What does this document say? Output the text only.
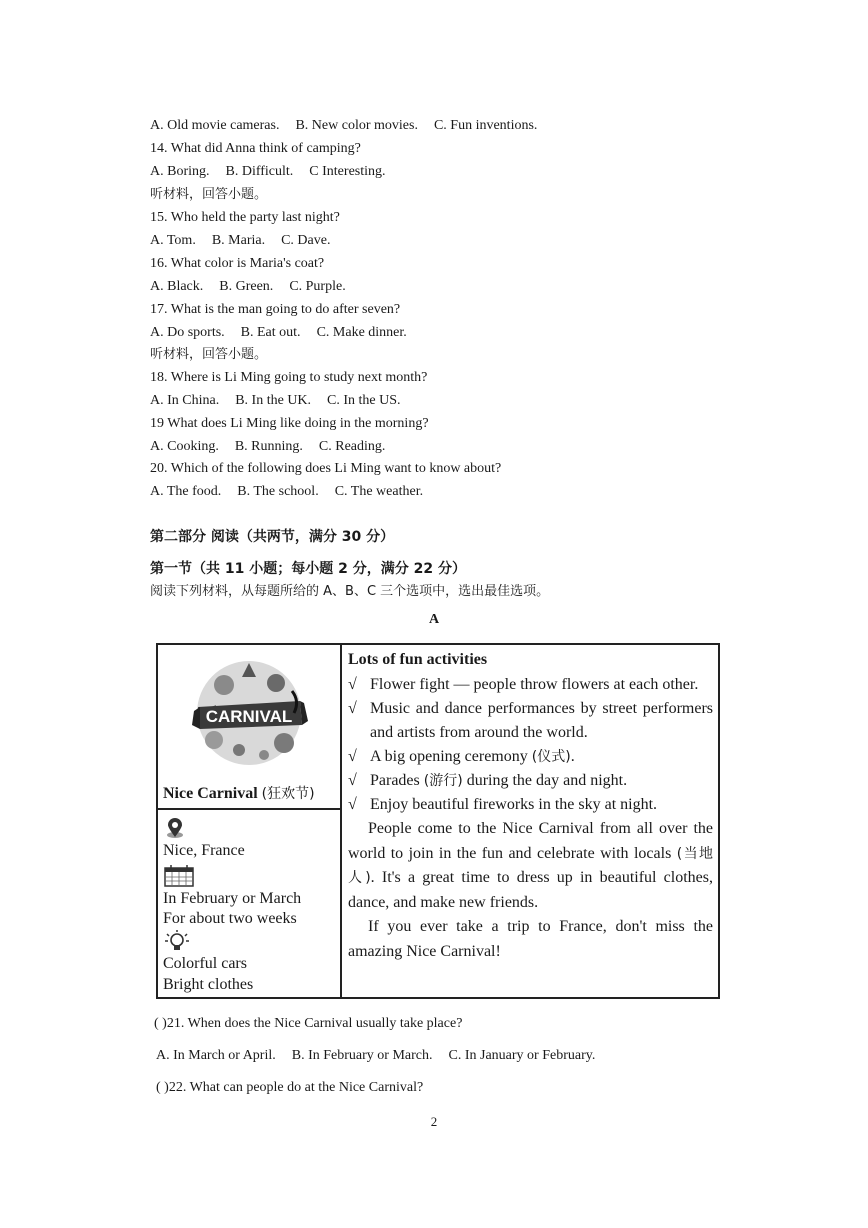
A. Old movie cameras. B. New color movies. C. Fun inventions.
14. What did Anna think of camping?
A. Boring. B. Difficult. C Interesting.
听材料，回答小题。
15. Who held the party last night?
A. Tom. B. Maria. C. Dave.
16. What color is Maria's coat?
A. Black. B. Green. C. Purple.
17. What is the man going to do after seven?
A. Do sports. B. Eat out. C. Make dinner.
听材料，回答小题。
18. Where is Li Ming going to study next month?
A. In China. B. In the UK. C. In the US.
19 What does Li Ming like doing in the morning?
A. Cooking. B. Running. C. Reading.
20. Which of the following does Li Ming want to know about?
A. The food. B. The school. C. The weather.
第二部分 阅读（共两节，满分 30 分）
第一节（共 11 小题；每小题 2 分，满分 22 分）
阅读下列材料，从每题所给的 A、B、C 三个选项中，选出最佳选项。
A
CARNIVAL
Nice Carnival (狂欢节)
Nice, France
In February or March
For about two weeks
Colorful cars
Bright clothes
Lots of fun activities
√ Flower fight — people throw flowers at each other.
√ Music and dance performances by street performers and artists from around the world.
√ A big opening ceremony (仪式).
√ Parades (游行) during the day and night.
√ Enjoy beautiful fireworks in the sky at night.
People come to the Nice Carnival from all over the world to join in the fun and celebrate with locals (当地人). It's a great time to dress up in beautiful clothes, dance, and make new friends.
If you ever take a trip to France, don't miss the amazing Nice Carnival!
( )21. When does the Nice Carnival usually take place?
A. In March or April. B. In February or March. C. In January or February.
( )22. What can people do at the Nice Carnival?
2
